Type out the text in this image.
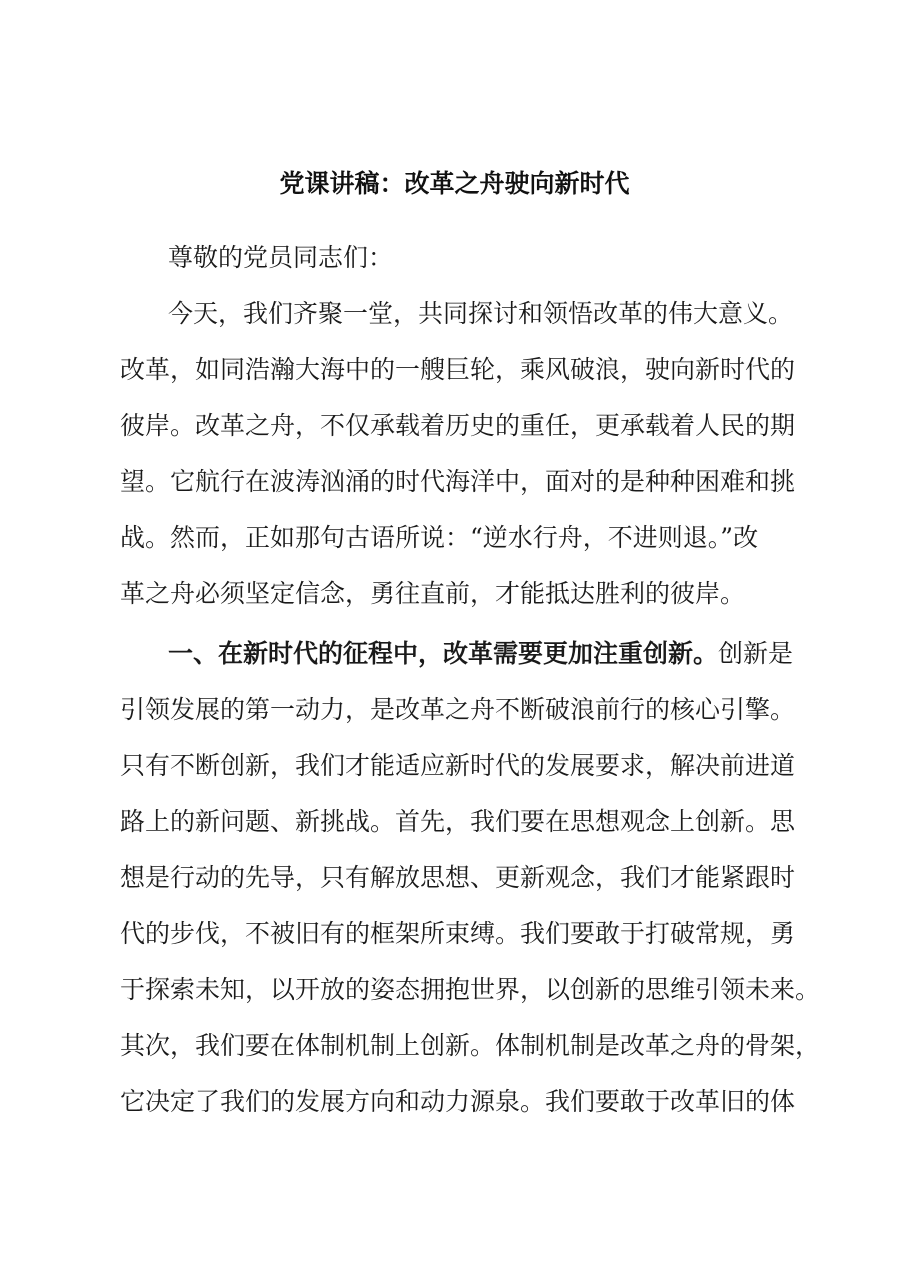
党课讲稿：改革之舟驶向新时代
尊敬的党员同志们：
今天，我们齐聚一堂，共同探讨和领悟改革的伟大意义。
改革，如同浩瀚大海中的一艘巨轮，乘风破浪，驶向新时代的
彼岸。改革之舟，不仅承载着历史的重任，更承载着人民的期
望。它航行在波涛汹涌的时代海洋中，面对的是种种困难和挑
战。然而，正如那句古语所说：“逆水行舟，不进则退。”改
革之舟必须坚定信念，勇往直前，才能抵达胜利的彼岸。
一、在新时代的征程中，改革需要更加注重创新。创新是
引领发展的第一动力，是改革之舟不断破浪前行的核心引擎。
只有不断创新，我们才能适应新时代的发展要求，解决前进道
路上的新问题、新挑战。首先，我们要在思想观念上创新。思
想是行动的先导，只有解放思想、更新观念，我们才能紧跟时
代的步伐，不被旧有的框架所束缚。我们要敢于打破常规，勇
于探索未知，以开放的姿态拥抱世界，以创新的思维引领未来。
其次，我们要在体制机制上创新。体制机制是改革之舟的骨架，
它决定了我们的发展方向和动力源泉。我们要敢于改革旧的体
